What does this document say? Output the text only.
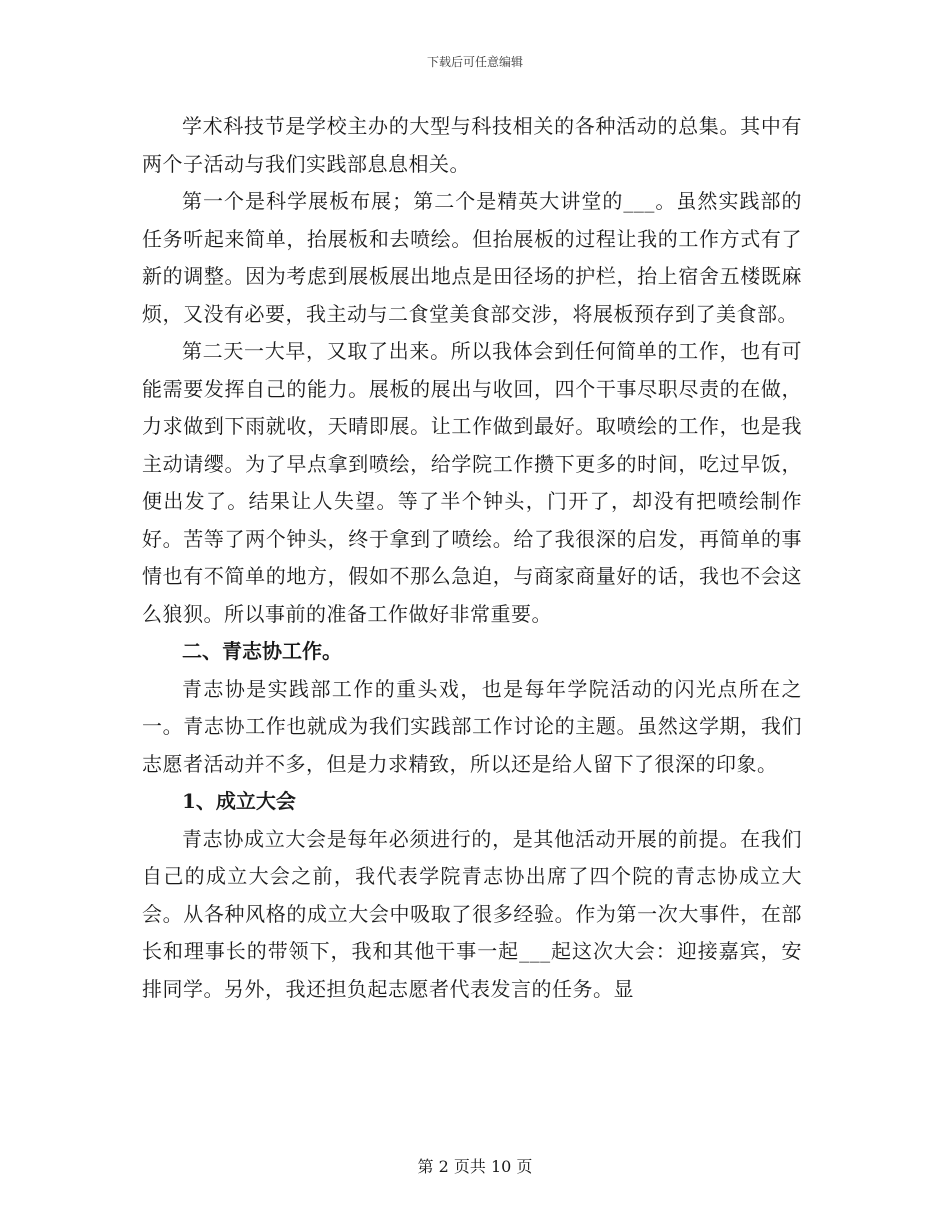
下载后可任意编辑

学术科技节是学校主办的大型与科技相关的各种活动的总集。其中有两个子活动与我们实践部息息相关。

第一个是科学展板布展；第二个是精英大讲堂的___。虽然实践部的任务听起来简单，抬展板和去喷绘。但抬展板的过程让我的工作方式有了新的调整。因为考虑到展板展出地点是田径场的护栏，抬上宿舍五楼既麻烦，又没有必要，我主动与二食堂美食部交涉，将展板预存到了美食部。

第二天一大早，又取了出来。所以我体会到任何简单的工作，也有可能需要发挥自己的能力。展板的展出与收回，四个干事尽职尽责的在做，力求做到下雨就收，天晴即展。让工作做到最好。取喷绘的工作，也是我主动请缨。为了早点拿到喷绘，给学院工作攒下更多的时间，吃过早饭，便出发了。结果让人失望。等了半个钟头，门开了，却没有把喷绘制作好。苦等了两个钟头，终于拿到了喷绘。给了我很深的启发，再简单的事情也有不简单的地方，假如不那么急迫，与商家商量好的话，我也不会这么狼狈。所以事前的准备工作做好非常重要。

二、青志协工作。

青志协是实践部工作的重头戏，也是每年学院活动的闪光点所在之一。青志协工作也就成为我们实践部工作讨论的主题。虽然这学期，我们志愿者活动并不多，但是力求精致，所以还是给人留下了很深的印象。

1、成立大会

青志协成立大会是每年必须进行的，是其他活动开展的前提。在我们自己的成立大会之前，我代表学院青志协出席了四个院的青志协成立大会。从各种风格的成立大会中吸取了很多经验。作为第一次大事件，在部长和理事长的带领下，我和其他干事一起___起这次大会：迎接嘉宾，安排同学。另外，我还担负起志愿者代表发言的任务。显

第 2 页共 10 页
